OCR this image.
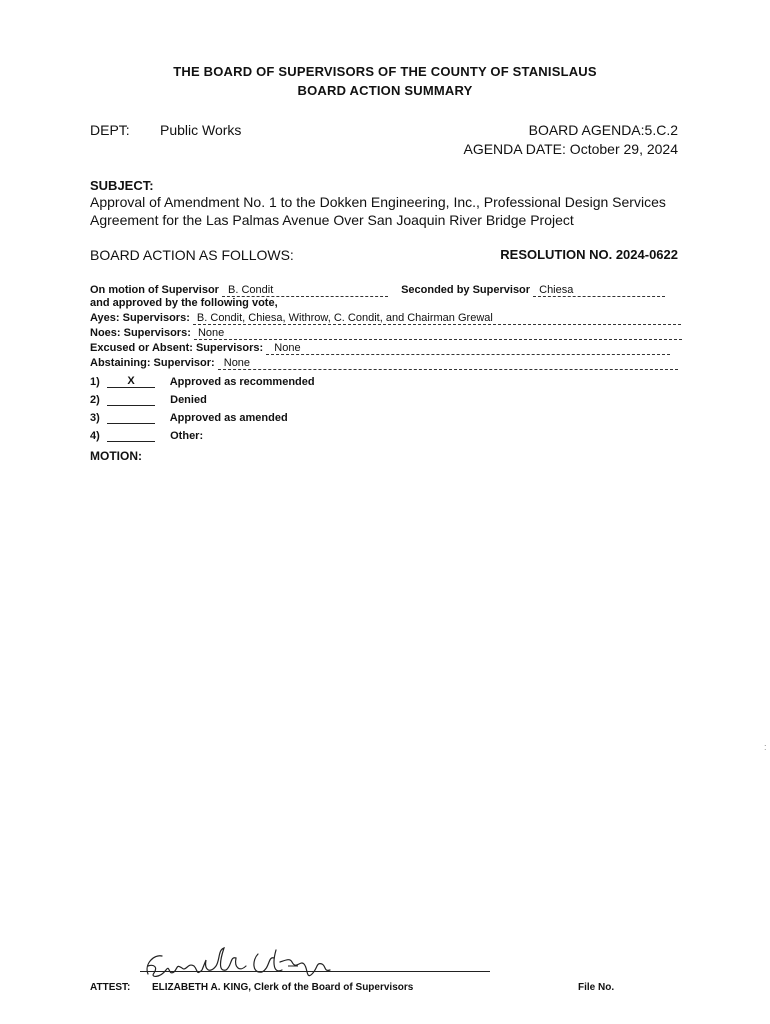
THE BOARD OF SUPERVISORS OF THE COUNTY OF STANISLAUS
BOARD ACTION SUMMARY
DEPT: Public Works	BOARD AGENDA:5.C.2
AGENDA DATE: October 29, 2024
SUBJECT:
Approval of Amendment No. 1 to the Dokken Engineering, Inc., Professional Design Services Agreement for the Las Palmas Avenue Over San Joaquin River Bridge Project
BOARD ACTION AS FOLLOWS:	RESOLUTION NO. 2024-0622
On motion of Supervisor B. Condit	Seconded by Supervisor Chiesa
and approved by the following vote,
Ayes: Supervisors: B. Condit, Chiesa, Withrow, C. Condit, and Chairman Grewal
Noes: Supervisors: None
Excused or Absent: Supervisors: None
Abstaining: Supervisor: None
1)	X	Approved as recommended
2)	Denied
3)	Approved as amended
4)	Other:
MOTION:
ATTEST: ELIZABETH A. KING, Clerk of the Board of Supervisors	File No.
:
